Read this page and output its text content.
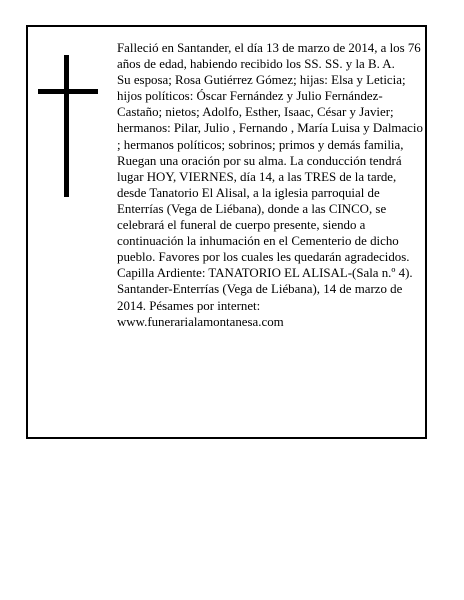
Falleció en Santander, el día 13 de marzo de 2014, a los 76 años de edad, habiendo recibido los SS. SS. y la B. A.

Su esposa; Rosa Gutiérrez Gómez; hijas: Elsa y Leticia; hijos políticos: Óscar Fernández y Julio Fernández-Castaño; nietos; Adolfo, Esther, Isaac, César y Javier; hermanos: Pilar, Julio , Fernando , María Luisa y Dalmacio ; hermanos políticos; sobrinos; primos y demás familia,

Ruegan una oración por su alma. La conducción tendrá lugar HOY, VIERNES, día 14, a las TRES de la tarde, desde Tanatorio El Alisal, a la iglesia parroquial de Enterrías (Vega de Liébana), donde a las CINCO, se celebrará el funeral de cuerpo presente, siendo a continuación la inhumación en el Cementerio de dicho pueblo. Favores por los cuales les quedarán agradecidos. Capilla Ardiente: TANATORIO EL ALISAL-(Sala n.º 4).

Santander-Enterrías (Vega de Liébana), 14 de marzo de 2014. Pésames por internet: www.funerarialamontanesa.com
